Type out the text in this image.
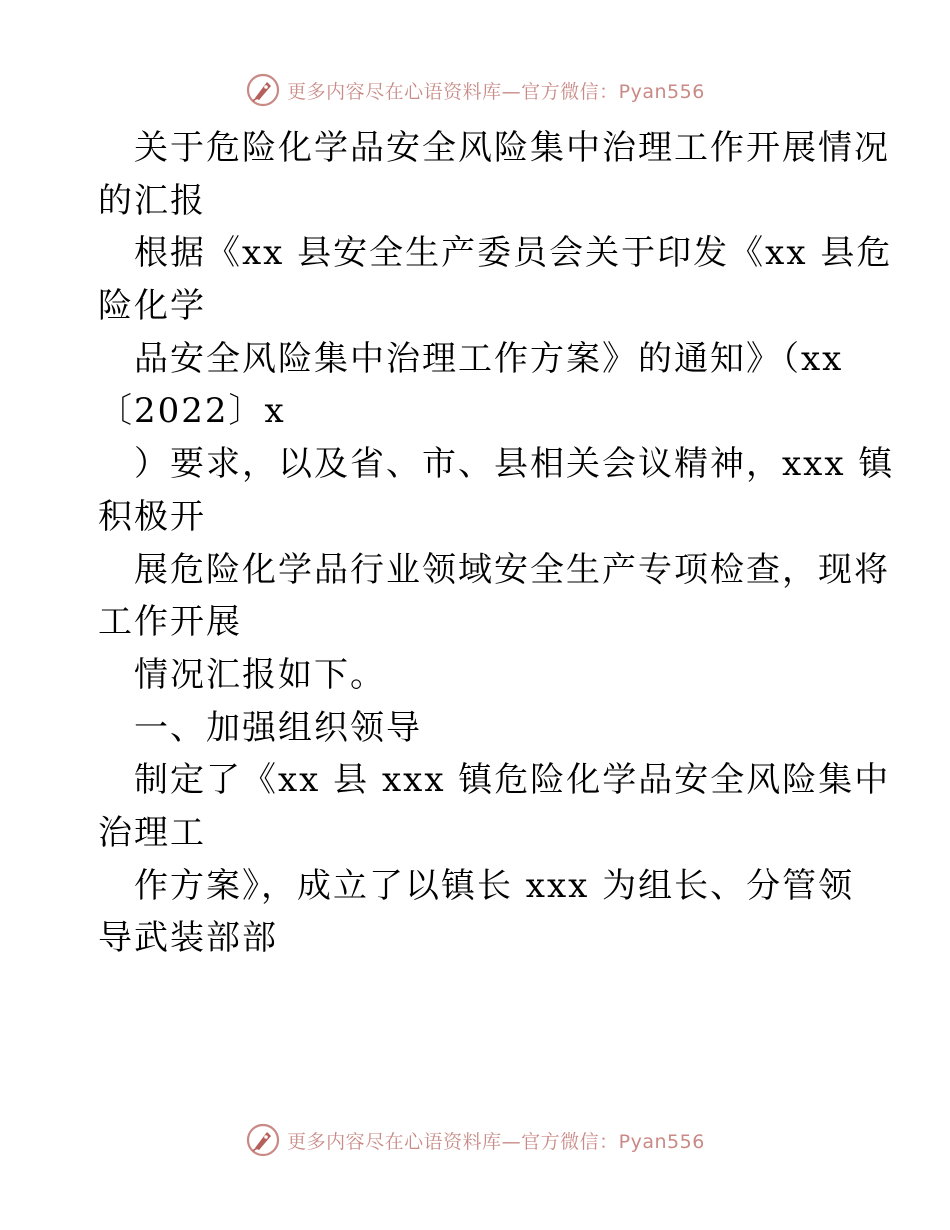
更多内容尽在心语资料库—官方微信：Pyan556
关于危险化学品安全风险集中治理工作开展情况
的汇报
根据《xx 县安全生产委员会关于印发《xx 县危
险化学
品安全风险集中治理工作方案》的通知》（xx
〔2022〕x
）要求，以及省、市、县相关会议精神，xxx 镇
积极开
展危险化学品行业领域安全生产专项检查，现将
工作开展
情况汇报如下。
一、加强组织领导
制定了《xx 县 xxx 镇危险化学品安全风险集中
治理工
作方案》，成立了以镇长 xxx 为组长、分管领
导武装部部
更多内容尽在心语资料库—官方微信：Pyan556
